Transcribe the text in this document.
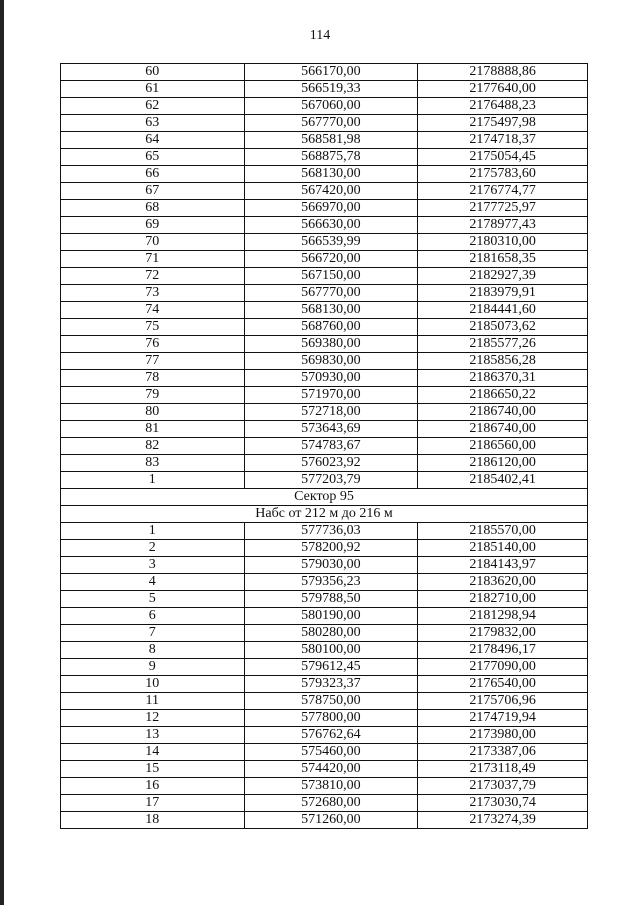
114
60	566170,00	2178888,86
61	566519,33	2177640,00
62	567060,00	2176488,23
63	567770,00	2175497,98
64	568581,98	2174718,37
65	568875,78	2175054,45
66	568130,00	2175783,60
67	567420,00	2176774,77
68	566970,00	2177725,97
69	566630,00	2178977,43
70	566539,99	2180310,00
71	566720,00	2181658,35
72	567150,00	2182927,39
73	567770,00	2183979,91
74	568130,00	2184441,60
75	568760,00	2185073,62
76	569380,00	2185577,26
77	569830,00	2185856,28
78	570930,00	2186370,31
79	571970,00	2186650,22
80	572718,00	2186740,00
81	573643,69	2186740,00
82	574783,67	2186560,00
83	576023,92	2186120,00
1	577203,79	2185402,41
Сектор 95		
Набс от 212 м до 216 м		
1	577736,03	2185570,00
2	578200,92	2185140,00
3	579030,00	2184143,97
4	579356,23	2183620,00
5	579788,50	2182710,00
6	580190,00	2181298,94
7	580280,00	2179832,00
8	580100,00	2178496,17
9	579612,45	2177090,00
10	579323,37	2176540,00
11	578750,00	2175706,96
12	577800,00	2174719,94
13	576762,64	2173980,00
14	575460,00	2173387,06
15	574420,00	2173118,49
16	573810,00	2173037,79
17	572680,00	2173030,74
18	571260,00	2173274,39
